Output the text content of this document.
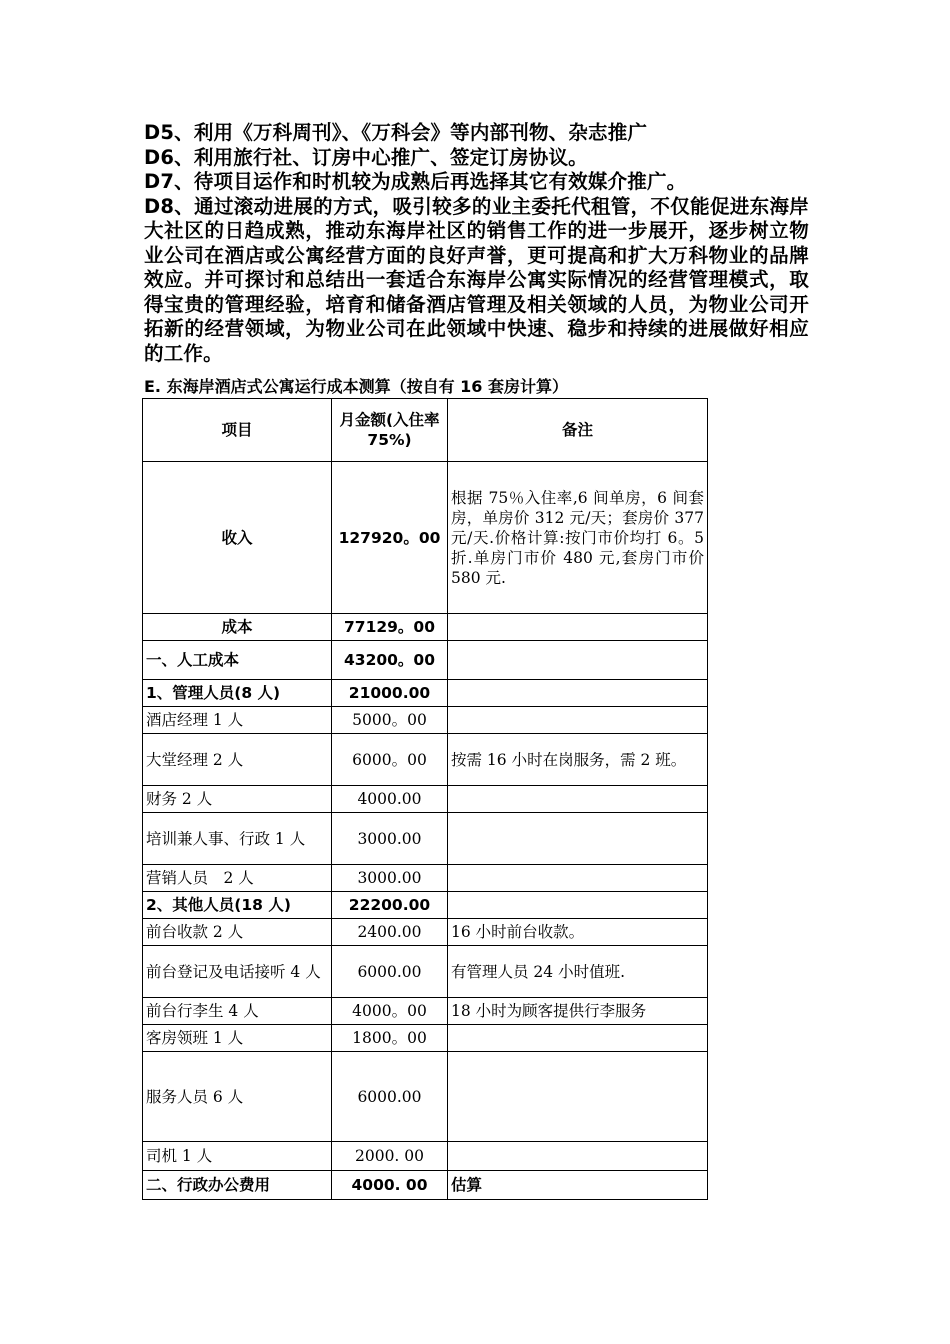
D5、利用《万科周刊》、《万科会》等内部刊物、杂志推广

D6、利用旅行社、订房中心推广、签定订房协议。

D7、待项目运作和时机较为成熟后再选择其它有效媒介推广。

D8、通过滚动进展的方式，吸引较多的业主委托代租管，不仅能促进东海岸大社区的日趋成熟，推动东海岸社区的销售工作的进一步展开，逐步树立物业公司在酒店或公寓经营方面的良好声誉，更可提高和扩大万科物业的品牌效应。并可探讨和总结出一套适合东海岸公寓实际情况的经营管理模式，取得宝贵的管理经验，培育和储备酒店管理及相关领域的人员，为物业公司开拓新的经营领域，为物业公司在此领域中快速、稳步和持续的进展做好相应的工作。

E. 东海岸酒店式公寓运行成本测算（按自有 16 套房计算）
项目	月金额(入住率 75%)	备注
收入	127920。00	根据 75％入住率,6 间单房，6 间套房，单房价 312 元/天；套房价 377 元/天.价格计算:按门市价均打 6。5 折.单房门市价 480 元,套房门市价 580 元.
成本	77129。00	
一、人工成本	43200。00	
1、管理人员(8 人)	21000.00	
酒店经理 1 人	5000。00	
大堂经理 2 人	6000。00	按需 16 小时在岗服务，需 2 班。
财务 2 人	4000.00	
培训兼人事、行政 1 人	3000.00	
营销人员　2 人	3000.00	
2、其他人员(18 人)	22200.00	
前台收款 2 人	2400.00	16 小时前台收款。
前台登记及电话接听 4 人	6000.00	有管理人员 24 小时值班.
前台行李生 4 人	4000。00	18 小时为顾客提供行李服务
客房领班 1 人	1800。00	
服务人员 6 人	6000.00	
司机 1 人	2000. 00	
二、行政办公费用	4000. 00	估算
